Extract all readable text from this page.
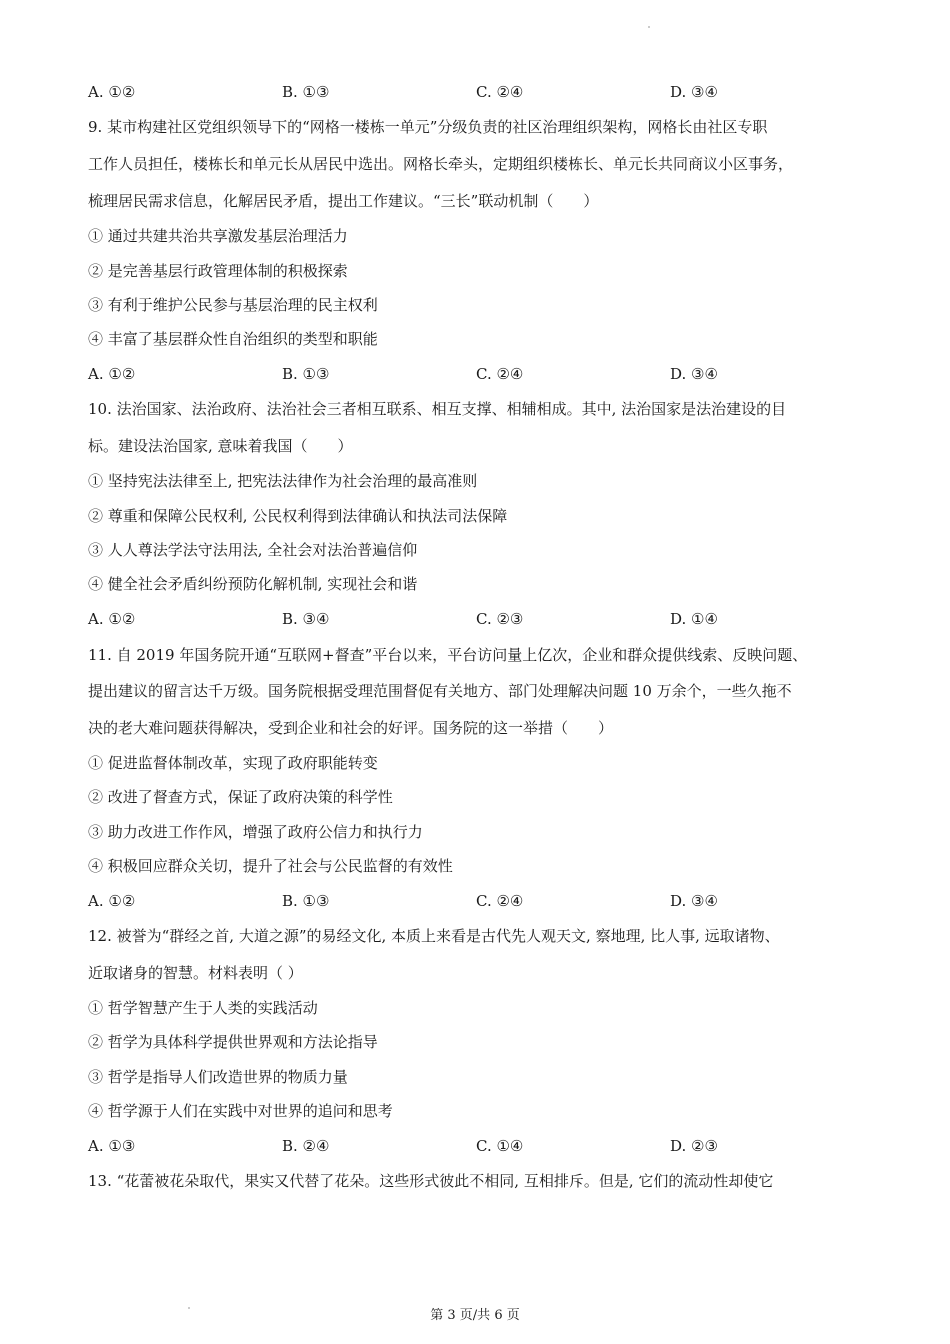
A. ①②	B. ①③	C. ②④	D. ③④
9. 某市构建社区党组织领导下的“网格一楼栋一单元”分级负责的社区治理组织架构，网格长由社区专职
工作人员担任，楼栋长和单元长从居民中选出。网格长牵头，定期组织楼栋长、单元长共同商议小区事务，
梳理居民需求信息，化解居民矛盾，提出工作建议。“三长”联动机制（　　）
① 通过共建共治共享激发基层治理活力
② 是完善基层行政管理体制的积极探索
③ 有利于维护公民参与基层治理的民主权利
④ 丰富了基层群众性自治组织的类型和职能
A. ①②	B. ①③	C. ②④	D. ③④
10. 法治国家、法治政府、法治社会三者相互联系、相互支撑、相辅相成。其中, 法治国家是法治建设的目
标。建设法治国家, 意味着我国（　　）
① 坚持宪法法律至上, 把宪法法律作为社会治理的最高准则
② 尊重和保障公民权利, 公民权利得到法律确认和执法司法保障
③ 人人尊法学法守法用法, 全社会对法治普遍信仰
④ 健全社会矛盾纠纷预防化解机制, 实现社会和谐
A. ①②	B. ③④	C. ②③	D. ①④
11. 自 2019 年国务院开通“互联网+督查”平台以来，平台访问量上亿次，企业和群众提供线索、反映问题、
提出建议的留言达千万级。国务院根据受理范围督促有关地方、部门处理解决问题 10 万余个，一些久拖不
决的老大难问题获得解决，受到企业和社会的好评。国务院的这一举措（　　）
① 促进监督体制改革，实现了政府职能转变
② 改进了督查方式，保证了政府决策的科学性
③ 助力改进工作作风，增强了政府公信力和执行力
④ 积极回应群众关切，提升了社会与公民监督的有效性
A. ①②	B. ①③	C. ②④	D. ③④
12. 被誉为“群经之首, 大道之源”的易经文化, 本质上来看是古代先人观天文, 察地理, 比人事, 远取诸物、
近取诸身的智慧。材料表明（ ）
① 哲学智慧产生于人类的实践活动
② 哲学为具体科学提供世界观和方法论指导
③ 哲学是指导人们改造世界的物质力量
④ 哲学源于人们在实践中对世界的追问和思考
A. ①③	B. ②④	C. ①④	D. ②③
13. “花蕾被花朵取代，果实又代替了花朵。这些形式彼此不相同, 互相排斥。但是, 它们的流动性却使它
第 3 页/共 6 页
